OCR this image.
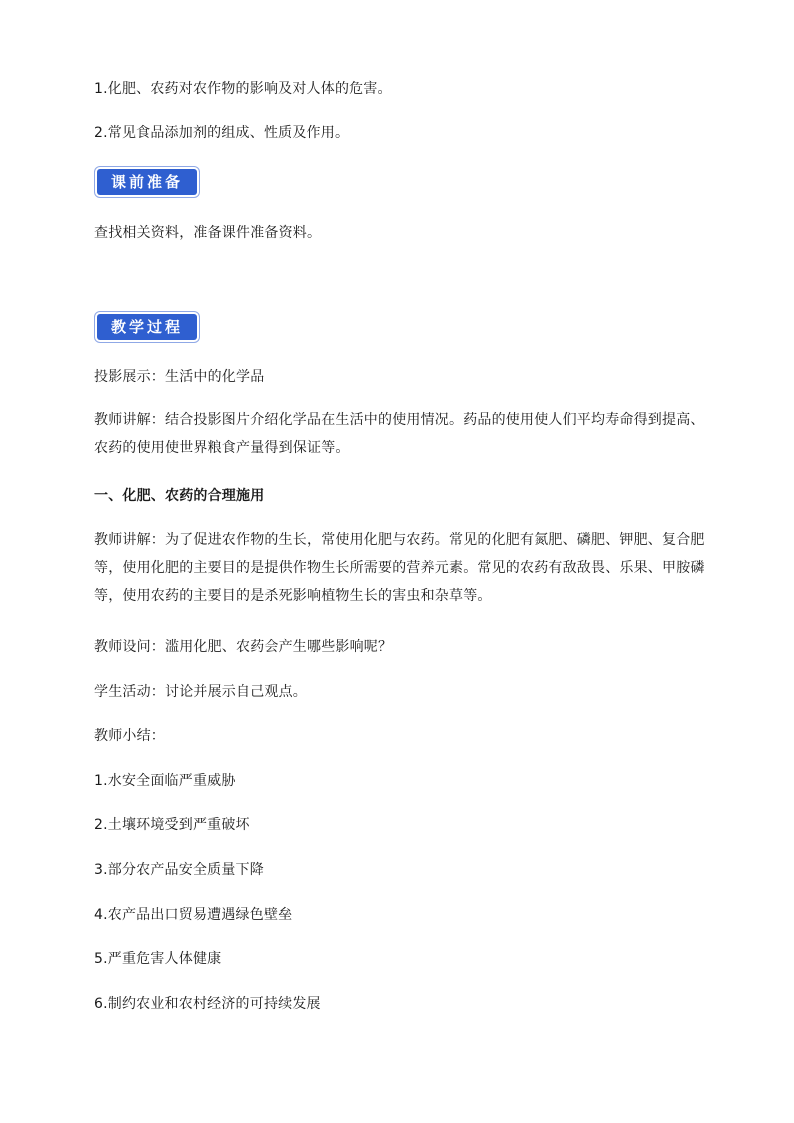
1.化肥、农药对农作物的影响及对人体的危害。
2.常见食品添加剂的组成、性质及作用。
课前准备
查找相关资料，准备课件准备资料。
教学过程
投影展示：生活中的化学品
教师讲解：结合投影图片介绍化学品在生活中的使用情况。药品的使用使人们平均寿命得到提高、农药的使用使世界粮食产量得到保证等。
一、化肥、农药的合理施用
教师讲解：为了促进农作物的生长，常使用化肥与农药。常见的化肥有氮肥、磷肥、钾肥、复合肥等，使用化肥的主要目的是提供作物生长所需要的营养元素。常见的农药有敌敌畏、乐果、甲胺磷等，使用农药的主要目的是杀死影响植物生长的害虫和杂草等。
教师设问：滥用化肥、农药会产生哪些影响呢？
学生活动：讨论并展示自己观点。
教师小结：
1.水安全面临严重威胁
2.土壤环境受到严重破坏
3.部分农产品安全质量下降
4.农产品出口贸易遭遇绿色壁垒
5.严重危害人体健康
6.制约农业和农村经济的可持续发展
